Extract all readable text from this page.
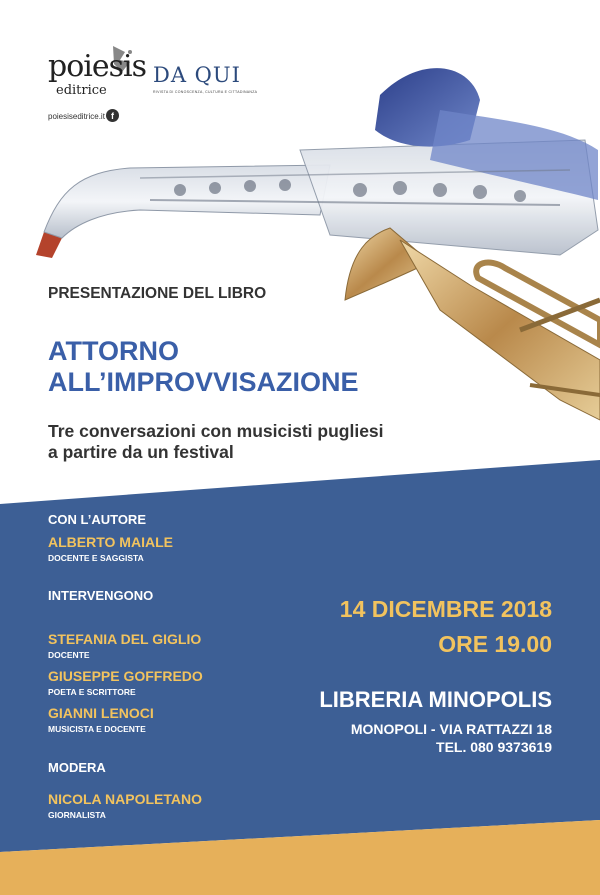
poiesis
editrice
poiesiseditrice.it f
DA QUI
RIVISTA DI CONOSCENZA, CULTURA E CITTADINANZA
PRESENTAZIONE DEL LIBRO
ATTORNO
ALL’IMPROVVISAZIONE
Tre conversazioni con musicisti pugliesi
a partire da un festival
CON L’AUTORE
ALBERTO MAIALE
DOCENTE E SAGGISTA
INTERVENGONO
STEFANIA DEL GIGLIO
DOCENTE
GIUSEPPE GOFFREDO
POETA E SCRITTORE
GIANNI LENOCI
MUSICISTA E DOCENTE
MODERA
NICOLA NAPOLETANO
GIORNALISTA
14 DICEMBRE 2018
ORE 19.00
LIBRERIA MINOPOLIS
MONOPOLI - VIA RATTAZZI 18
TEL. 080 9373619
